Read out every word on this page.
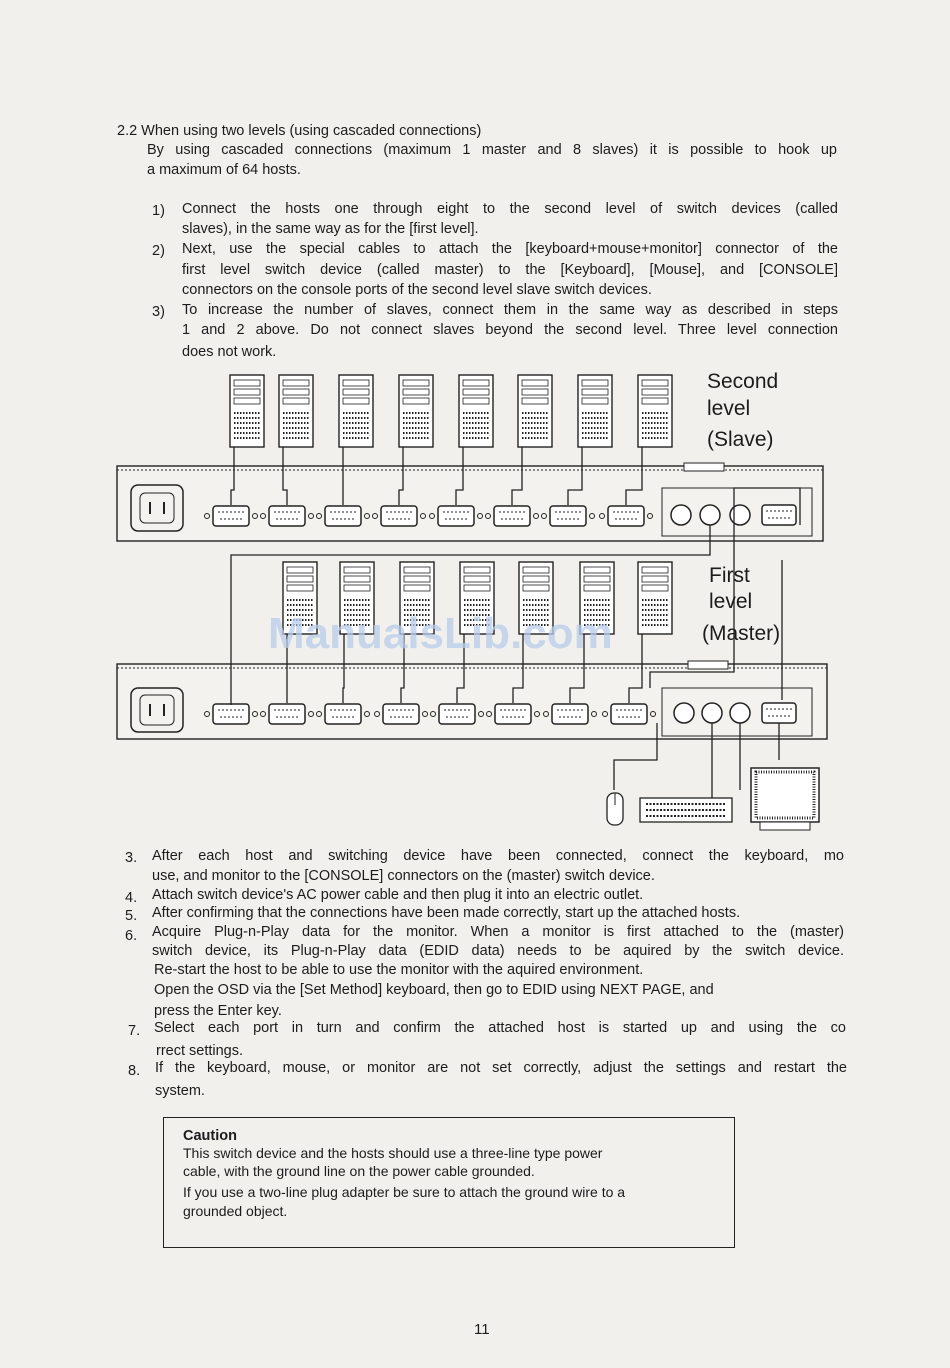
2.2 When using two levels (using cascaded connections)
By using cascaded connections (maximum 1 master and 8 slaves) it is possible to hook up
a maximum of 64 hosts.
1) Connect the hosts one through eight to the second level of switch devices (called
slaves), in the same way as for the [first level].
2) Next, use the special cables to attach the [keyboard+mouse+monitor] connector of the
first level switch device (called master) to the [Keyboard], [Mouse], and [CONSOLE]
connectors on the console ports of the second level slave switch devices.
3) To increase the number of slaves, connect them in the same way as described in steps
1 and 2 above. Do not connect slaves beyond the second level. Three level connection
does not work.
Second
level
(Slave)
First
level
(Master)
ManualsLib.com
3. After each host and switching device have been connected, connect the keyboard, mo
use, and monitor to the [CONSOLE] connectors on the (master) switch device.
4. Attach switch device's AC power cable and then plug it into an electric outlet.
5. After confirming that the connections have been made correctly, start up the attached hosts.
6. Acquire Plug-n-Play data for the monitor. When a monitor is first attached to the (master)
switch device, its Plug-n-Play data (EDID data) needs to be aquired by the switch device.
Re-start the host to be able to use the monitor with the aquired environment.
Open the OSD via the [Set Method] keyboard, then go to EDID using NEXT PAGE, and
press the Enter key.
7. Select each port in turn and confirm the attached host is started up and using the co
rrect settings.
8. If the keyboard, mouse, or monitor are not set correctly, adjust the settings and restart the
system.
Caution
This switch device and the hosts should use a three-line type power
cable, with the ground line on the power cable grounded.
If you use a two-line plug adapter be sure to attach the ground wire to a
grounded object.
11
